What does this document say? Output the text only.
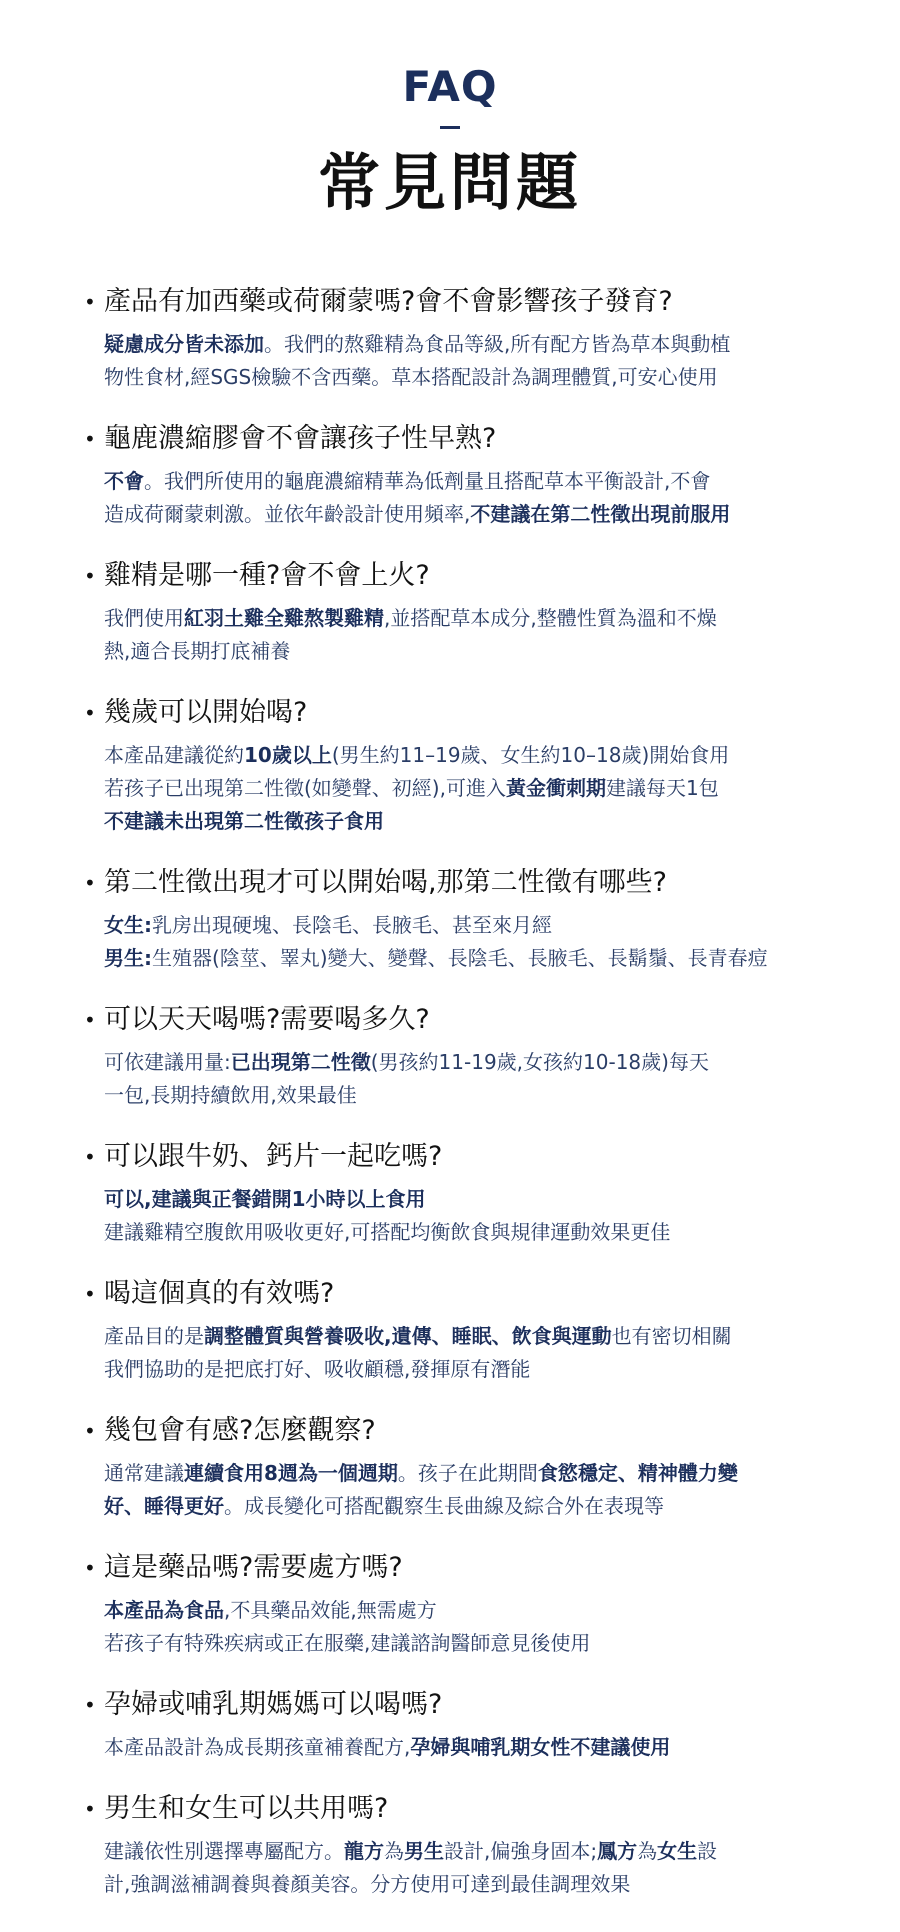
FAQ
常見問題
• 產品有加西藥或荷爾蒙嗎?會不會影響孩子發育?
疑慮成分皆未添加。我們的熬雞精為食品等級,所有配方皆為草本與動植
物性食材,經SGS檢驗不含西藥。草本搭配設計為調理體質,可安心使用
• 龜鹿濃縮膠會不會讓孩子性早熟?
不會。我們所使用的龜鹿濃縮精華為低劑量且搭配草本平衡設計,不會
造成荷爾蒙刺激。並依年齡設計使用頻率,不建議在第二性徵出現前服用
• 雞精是哪一種?會不會上火?
我們使用紅羽土雞全雞熬製雞精,並搭配草本成分,整體性質為溫和不燥
熱,適合長期打底補養
• 幾歲可以開始喝?
本產品建議從約10歲以上(男生約11–19歲、女生約10–18歲)開始食用
若孩子已出現第二性徵(如變聲、初經),可進入黃金衝刺期建議每天1包
不建議未出現第二性徵孩子食用
• 第二性徵出現才可以開始喝,那第二性徵有哪些?
女生:乳房出現硬塊、長陰毛、長腋毛、甚至來月經
男生:生殖器(陰莖、睪丸)變大、變聲、長陰毛、長腋毛、長鬍鬚、長青春痘
• 可以天天喝嗎?需要喝多久?
可依建議用量:已出現第二性徵(男孩約11-19歲,女孩約10-18歲)每天
一包,長期持續飲用,效果最佳
• 可以跟牛奶、鈣片一起吃嗎?
可以,建議與正餐錯開1小時以上食用
建議雞精空腹飲用吸收更好,可搭配均衡飲食與規律運動效果更佳
• 喝這個真的有效嗎?
產品目的是調整體質與營養吸收,遺傳、睡眠、飲食與運動也有密切相關
我們協助的是把底打好、吸收顧穩,發揮原有潛能
• 幾包會有感?怎麼觀察?
通常建議連續食用8週為一個週期。孩子在此期間食慾穩定、精神體力變
好、睡得更好。成長變化可搭配觀察生長曲線及綜合外在表現等
• 這是藥品嗎?需要處方嗎?
本產品為食品,不具藥品效能,無需處方
若孩子有特殊疾病或正在服藥,建議諮詢醫師意見後使用
• 孕婦或哺乳期媽媽可以喝嗎?
本產品設計為成長期孩童補養配方,孕婦與哺乳期女性不建議使用
• 男生和女生可以共用嗎?
建議依性別選擇專屬配方。龍方為男生設計,偏強身固本;鳳方為女生設
計,強調滋補調養與養顏美容。分方使用可達到最佳調理效果
